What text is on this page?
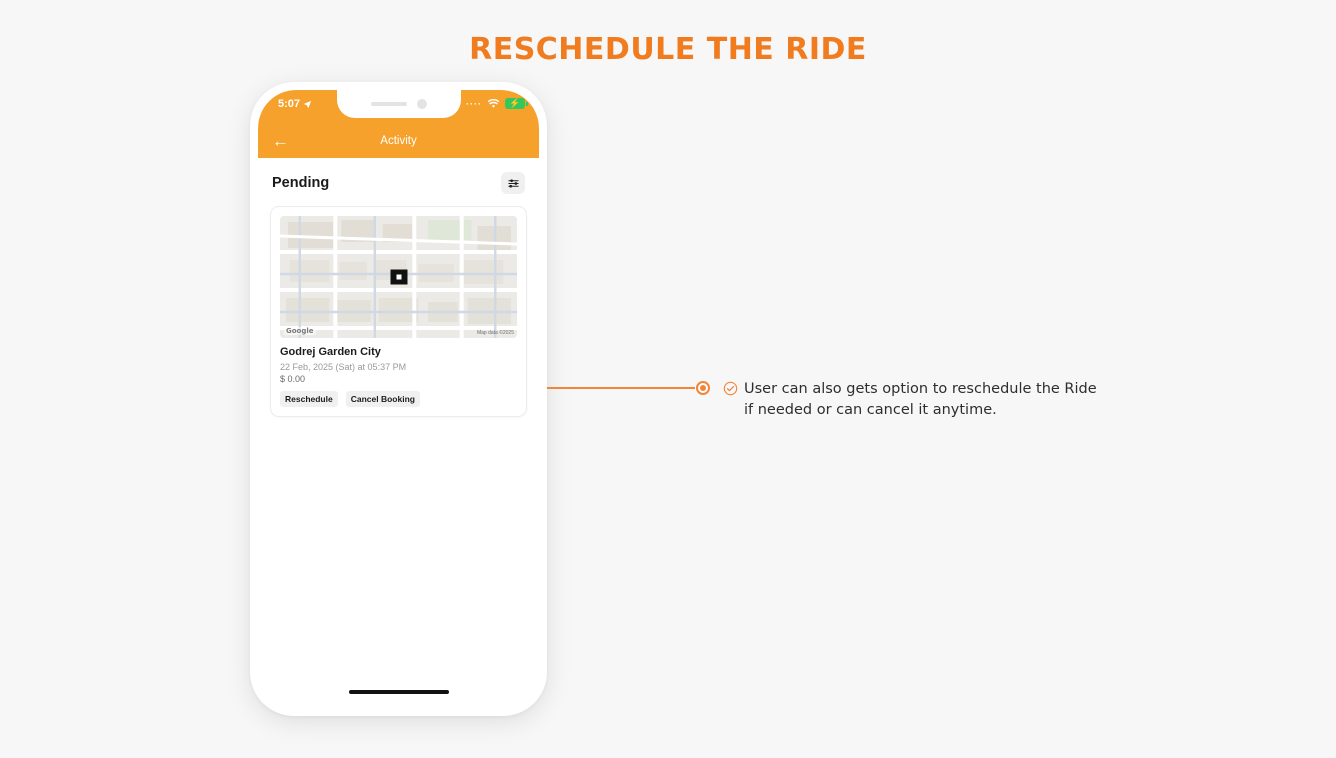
RESCHEDULE THE RIDE
5:07	····	⚡
←	Activity
Pending
Google	Map data ©2025
Godrej Garden City
22 Feb, 2025 (Sat) at 05:37 PM
$ 0.00
Reschedule	Cancel Booking
User can also gets option to reschedule the Ride
if needed or can cancel it anytime.
